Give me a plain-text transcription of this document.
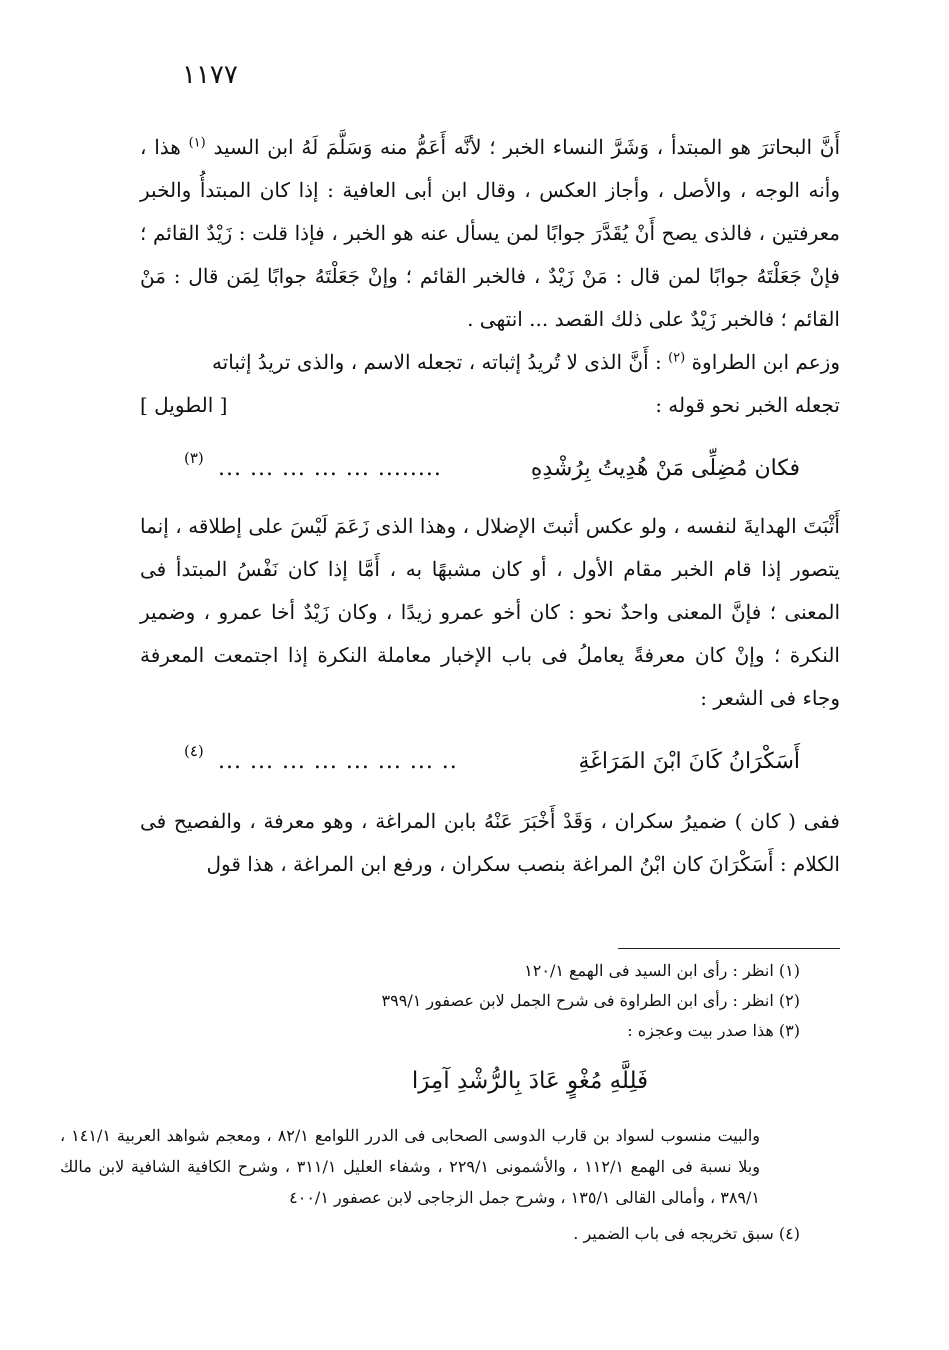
١١٧٧

أَنَّ البحاترَ هو المبتدأ ، وَشَرَّ النساء الخبر ؛ لأنَّه أَعَمُّ منه وَسَلَّمَ لَهُ ابن السيد $^{(١)}$ هذا ، وأنه الوجه ، والأصل ، وأجاز العكس ، وقال ابن أبى العافية : إذا كان المبتدأُ والخبر معرفتين ، فالذى يصح أَنْ يُقَدَّرَ جوابًا لمن يسأل عنه هو الخبر ، فإذا قلت : زَيْدٌ القائم ؛ فإنْ جَعَلْتَهُ جوابًا لمن قال : مَنْ زَيْدٌ ، فالخبر القائم ؛ وإنْ جَعَلْتَهُ جوابًا لِمَن قال : مَنْ القائم ؛ فالخبر زَيْدٌ على ذلك القصد ... انتهى .

وزعم ابن الطراوة $^{(٢)}$ : أَنَّ الذى لا تُريدُ إثباته ، تجعله الاسم ، والذى تريدُ إثباته

تجعله الخبر نحو قوله :
[ الطويل ]
فكان مُضِلِّى مَنْ هُدِيتُ بِرُشْدِهِ
........ ... ... ... ... ...
(٣)

أَثْبَتَ الهدايةَ لنفسه ، ولو عكس أثبتَ الإضلال ، وهذا الذى زَعَمَ لَيْسَ على إطلاقه ، إنما يتصور إذا قام الخبر مقام الأول ، أو كان مشبهًا به ، أَمَّا إذا كان نَفْسُ المبتدأ فى المعنى ؛ فإنَّ المعنى واحدٌ نحو : كان أخو عمرو زيدًا ، وكان زَيْدٌ أخا عمرو ، وضمير النكرة ؛ وإنْ كان معرفةً يعاملُ فى باب الإخبار معاملة النكرة إذا اجتمعت المعرفة وجاء فى الشعر :

أَسَكْرَانُ كَانَ ابْنَ المَرَاغَةِ
.. ... ... ... ... ... ... ...
(٤)

ففى ( كان ) ضميرُ سكران ، وَقَدْ أَخْبَرَ عَنْهُ بابن المراغة ، وهو معرفة ، والفصيح فى الكلام : أَسَكْرَانَ كان ابْنُ المراغة بنصب سكران ، ورفع ابن المراغة ، هذا قول

(١) انظر : رأى ابن السيد فى الهمع ١٢٠/١

(٢) انظر : رأى ابن الطراوة فى شرح الجمل لابن عصفور ٣٩٩/١

(٣) هذا صدر بيت وعجزه :

فَلِلَّهِ مُغْوٍ عَادَ بِالرُّشْدِ آمِرَا

والبيت منسوب لسواد بن قارب الدوسى الصحابى فى الدرر اللوامع ٨٢/١ ، ومعجم شواهد العربية ١٤١/١ ، وبلا نسبة فى الهمع ١١٢/١ ، والأشمونى ٢٢٩/١ ، وشفاء العليل ٣١١/١ ، وشرح الكافية الشافية لابن مالك ٣٨٩/١ ، وأمالى القالى ١٣٥/١ ، وشرح جمل الزجاجى لابن عصفور ٤٠٠/١

(٤) سبق تخريجه فى باب الضمير .
